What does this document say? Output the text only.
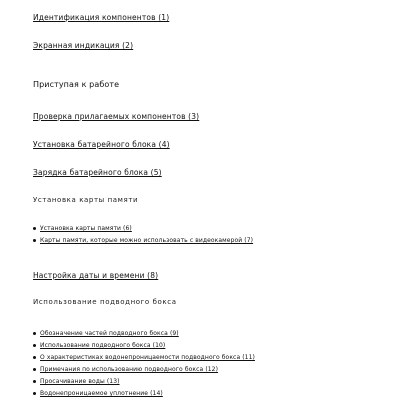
Идентификация компонентов (1)
Экранная индикация (2)
Приступая к работе
Проверка прилагаемых компонентов (3)
Установка батарейного блока (4)
Зарядка батарейного блока (5)
Установка карты памяти
Установка карты памяти (6)
Карты памяти, которые можно использовать с видеокамерой (7)
Настройка даты и времени (8)
Использование подводного бокса
Обозначение частей подводного бокса (9)
Использование подводного бокса (10)
О характеристиках водонепроницаемости подводного бокса (11)
Примечания по использованию подводного бокса (12)
Просачивание воды (13)
Водонепроницаемое уплотнение (14)
